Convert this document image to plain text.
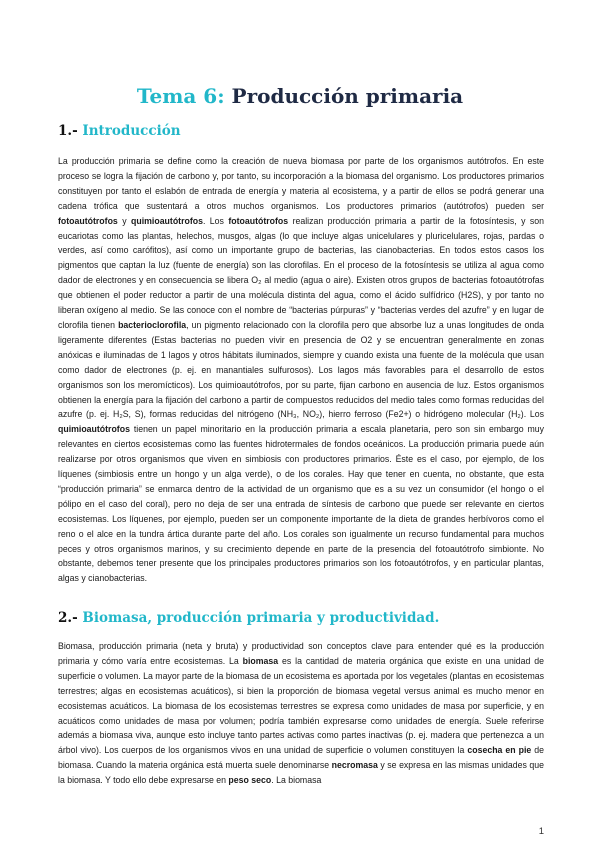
Tema 6: Producción primaria
1.- Introducción
La producción primaria se define como la creación de nueva biomasa por parte de los organismos autótrofos. En este proceso se logra la fijación de carbono y, por tanto, su incorporación a la biomasa del organismo. Los productores primarios constituyen por tanto el eslabón de entrada de energía y materia al ecosistema, y a partir de ellos se podrá generar una cadena trófica que sustentará a otros muchos organismos. Los productores primarios (autótrofos) pueden ser fotoautótrofos y quimioautótrofos. Los fotoautótrofos realizan producción primaria a partir de la fotosíntesis, y son eucariotas como las plantas, helechos, musgos, algas (lo que incluye algas unicelulares y pluricelulares, rojas, pardas o verdes, así como caróﬁtos), así como un importante grupo de bacterias, las cianobacterias. En todos estos casos los pigmentos que captan la luz (fuente de energía) son las clorofilas. En el proceso de la fotosíntesis se utiliza al agua como dador de electrones y en consecuencia se libera O₂ al medio (agua o aire). Existen otros grupos de bacterias fotoautótrofas que obtienen el poder reductor a partir de una molécula distinta del agua, como el ácido sulfídrico (H2S), y por tanto no liberan oxígeno al medio. Se las conoce con el nombre de “bacterias púrpuras” y “bacterias verdes del azufre” y en lugar de clorofila tienen bacterioclorofila, un pigmento relacionado con la clorofila pero que absorbe luz a unas longitudes de onda ligeramente diferentes (Estas bacterias no pueden vivir en presencia de O2 y se encuentran generalmente en zonas anóxicas e iluminadas de 1 lagos y otros hábitats iluminados, siempre y cuando exista una fuente de la molécula que usan como dador de electrones (p. ej. en manantiales sulfurosos). Los lagos más favorables para el desarrollo de estos organismos son los meromícticos). Los quimioautótrofos, por su parte, fijan carbono en ausencia de luz. Estos organismos obtienen la energía para la fijación del carbono a partir de compuestos reducidos del medio tales como formas reducidas del azufre (p. ej. H₂S, S), formas reducidas del nitrógeno (NH₃, NO₂), hierro ferroso (Fe2+) o hidrógeno molecular (H₂). Los quimioautótrofos tienen un papel minoritario en la producción primaria a escala planetaria, pero son sin embargo muy relevantes en ciertos ecosistemas como las fuentes hidrotermales de fondos oceánicos. La producción primaria puede aún realizarse por otros organismos que viven en simbiosis con productores primarios. Éste es el caso, por ejemplo, de los líquenes (simbiosis entre un hongo y un alga verde), o de los corales. Hay que tener en cuenta, no obstante, que esta “producción primaria” se enmarca dentro de la actividad de un organismo que es a su vez un consumidor (el hongo o el pólipo en el caso del coral), pero no deja de ser una entrada de síntesis de carbono que puede ser relevante en ciertos ecosistemas. Los líquenes, por ejemplo, pueden ser un componente importante de la dieta de grandes herbívoros como el reno o el alce en la tundra ártica durante parte del año. Los corales son igualmente un recurso fundamental para muchos peces y otros organismos marinos, y su crecimiento depende en parte de la presencia del fotoautótrofo simbionte. No obstante, debemos tener presente que los principales productores primarios son los fotoautótrofos, y en particular plantas, algas y cianobacterias.
2.- Biomasa, producción primaria y productividad.
Biomasa, producción primaria (neta y bruta) y productividad son conceptos clave para entender qué es la producción primaria y cómo varía entre ecosistemas. La biomasa es la cantidad de materia orgánica que existe en una unidad de superficie o volumen. La mayor parte de la biomasa de un ecosistema es aportada por los vegetales (plantas en ecosistemas terrestres; algas en ecosistemas acuáticos), si bien la proporción de biomasa vegetal versus animal es mucho menor en ecosistemas acuáticos. La biomasa de los ecosistemas terrestres se expresa como unidades de masa por superficie, y en acuáticos como unidades de masa por volumen; podría también expresarse como unidades de energía. Suele referirse además a biomasa viva, aunque esto incluye tanto partes activas como partes inactivas (p. ej. madera que pertenezca a un árbol vivo). Los cuerpos de los organismos vivos en una unidad de superficie o volumen constituyen la cosecha en pie de biomasa. Cuando la materia orgánica está muerta suele denominarse necromasa y se expresa en las mismas unidades que la biomasa. Y todo ello debe expresarse en peso seco. La biomasa
1
